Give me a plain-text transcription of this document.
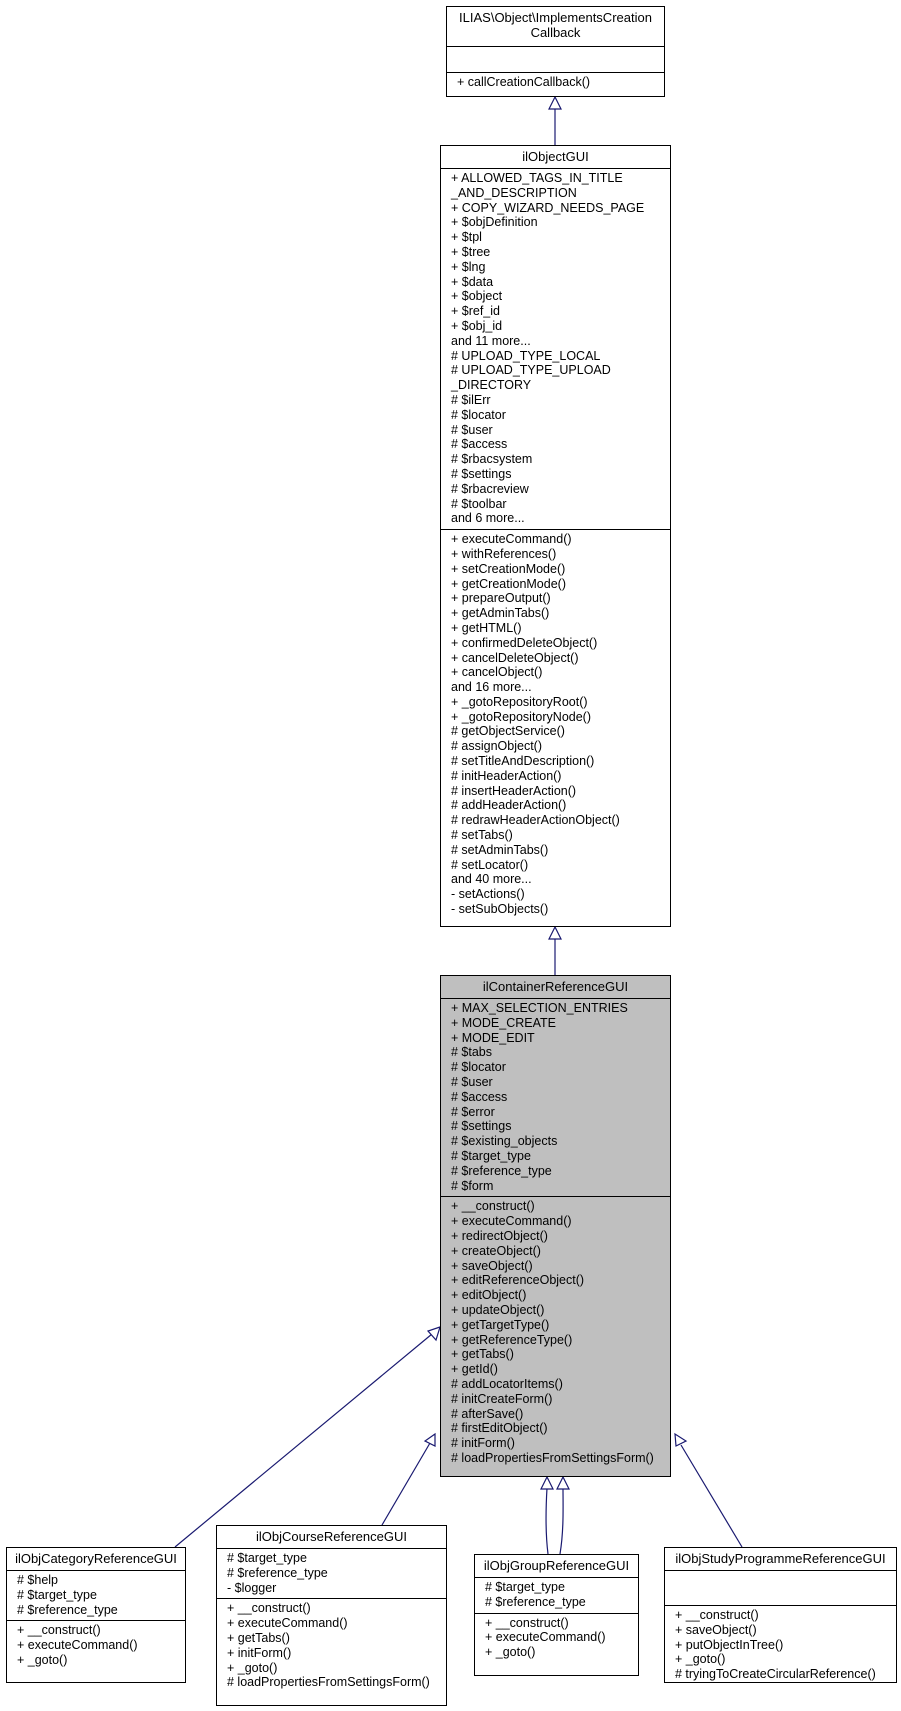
ILIAS\Object\ImplementsCreation
Callback
+ callCreationCallback()
ilObjectGUI
+ ALLOWED_TAGS_IN_TITLE
_AND_DESCRIPTION
+ COPY_WIZARD_NEEDS_PAGE
+ $objDefinition
+ $tpl
+ $tree
+ $lng
+ $data
+ $object
+ $ref_id
+ $obj_id
and 11 more...
# UPLOAD_TYPE_LOCAL
# UPLOAD_TYPE_UPLOAD
_DIRECTORY
# $ilErr
# $locator
# $user
# $access
# $rbacsystem
# $settings
# $rbacreview
# $toolbar
and 6 more...
+ executeCommand()
+ withReferences()
+ setCreationMode()
+ getCreationMode()
+ prepareOutput()
+ getAdminTabs()
+ getHTML()
+ confirmedDeleteObject()
+ cancelDeleteObject()
+ cancelObject()
and 16 more...
+ _gotoRepositoryRoot()
+ _gotoRepositoryNode()
# getObjectService()
# assignObject()
# setTitleAndDescription()
# initHeaderAction()
# insertHeaderAction()
# addHeaderAction()
# redrawHeaderActionObject()
# setTabs()
# setAdminTabs()
# setLocator()
and 40 more...
- setActions()
- setSubObjects()
ilContainerReferenceGUI
+ MAX_SELECTION_ENTRIES
+ MODE_CREATE
+ MODE_EDIT
# $tabs
# $locator
# $user
# $access
# $error
# $settings
# $existing_objects
# $target_type
# $reference_type
# $form
+ __construct()
+ executeCommand()
+ redirectObject()
+ createObject()
+ saveObject()
+ editReferenceObject()
+ editObject()
+ updateObject()
+ getTargetType()
+ getReferenceType()
+ getTabs()
+ getId()
# addLocatorItems()
# initCreateForm()
# afterSave()
# firstEditObject()
# initForm()
# loadPropertiesFromSettingsForm()
ilObjCategoryReferenceGUI
# $help
# $target_type
# $reference_type
+ __construct()
+ executeCommand()
+ _goto()
ilObjCourseReferenceGUI
# $target_type
# $reference_type
- $logger
+ __construct()
+ executeCommand()
+ getTabs()
+ initForm()
+ _goto()
# loadPropertiesFromSettingsForm()
ilObjGroupReferenceGUI
# $target_type
# $reference_type
+ __construct()
+ executeCommand()
+ _goto()
ilObjStudyProgrammeReferenceGUI
+ __construct()
+ saveObject()
+ putObjectInTree()
+ _goto()
# tryingToCreateCircularReference()
